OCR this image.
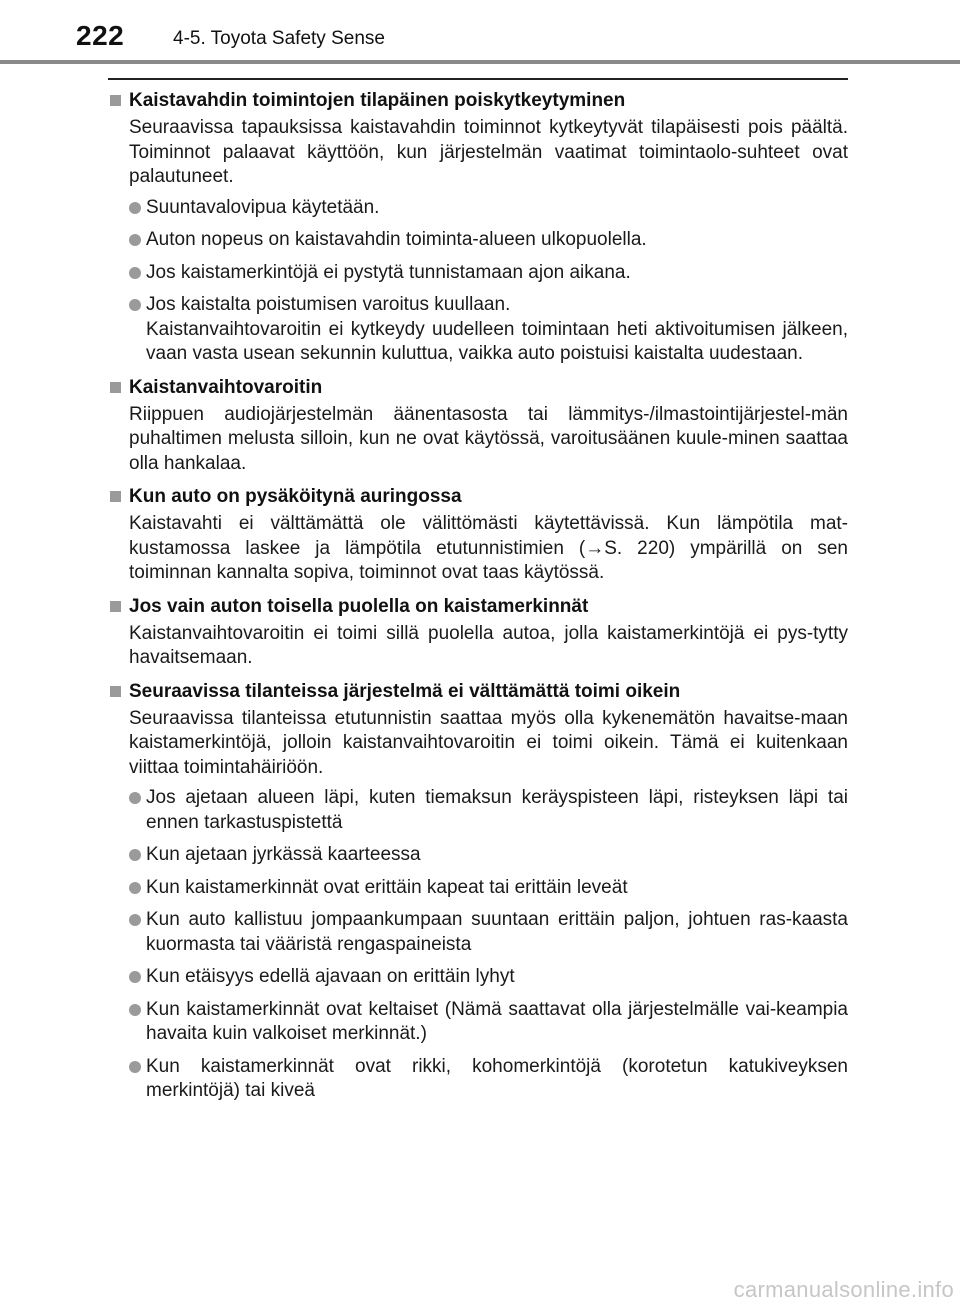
222	4-5. Toyota Safety Sense
Kaistavahdin toimintojen tilapäinen poiskytkeytyminen
Seuraavissa tapauksissa kaistavahdin toiminnot kytkeytyvät tilapäisesti pois päältä. Toiminnot palaavat käyttöön, kun järjestelmän vaatimat toimintaolo-suhteet ovat palautuneet.
Suuntavalovipua käytetään.
Auton nopeus on kaistavahdin toiminta-alueen ulkopuolella.
Jos kaistamerkintöjä ei pystytä tunnistamaan ajon aikana.
Jos kaistalta poistumisen varoitus kuullaan.
Kaistanvaihtovaroitin ei kytkeydy uudelleen toimintaan heti aktivoitumisen jälkeen, vaan vasta usean sekunnin kuluttua, vaikka auto poistuisi kaistalta uudestaan.
Kaistanvaihtovaroitin
Riippuen audiojärjestelmän äänentasosta tai lämmitys-/ilmastointijärjestel-män puhaltimen melusta silloin, kun ne ovat käytössä, varoitusäänen kuule-minen saattaa olla hankalaa.
Kun auto on pysäköitynä auringossa
Kaistavahti ei välttämättä ole välittömästi käytettävissä. Kun lämpötila mat-kustamossa laskee ja lämpötila etutunnistimien (→S. 220) ympärillä on sen toiminnan kannalta sopiva, toiminnot ovat taas käytössä.
Jos vain auton toisella puolella on kaistamerkinnät
Kaistanvaihtovaroitin ei toimi sillä puolella autoa, jolla kaistamerkintöjä ei pys-tytty havaitsemaan.
Seuraavissa tilanteissa järjestelmä ei välttämättä toimi oikein
Seuraavissa tilanteissa etutunnistin saattaa myös olla kykenemätön havaitse-maan kaistamerkintöjä, jolloin kaistanvaihtovaroitin ei toimi oikein. Tämä ei kuitenkaan viittaa toimintahäiriöön.
Jos ajetaan alueen läpi, kuten tiemaksun keräyspisteen läpi, risteyksen läpi tai ennen tarkastuspistettä
Kun ajetaan jyrkässä kaarteessa
Kun kaistamerkinnät ovat erittäin kapeat tai erittäin leveät
Kun auto kallistuu jompaankumpaan suuntaan erittäin paljon, johtuen ras-kaasta kuormasta tai vääristä rengaspaineista
Kun etäisyys edellä ajavaan on erittäin lyhyt
Kun kaistamerkinnät ovat keltaiset (Nämä saattavat olla järjestelmälle vai-keampia havaita kuin valkoiset merkinnät.)
Kun kaistamerkinnät ovat rikki, kohomerkintöjä (korotetun katukiveyksen merkintöjä) tai kiveä
carmanualsonline.info
